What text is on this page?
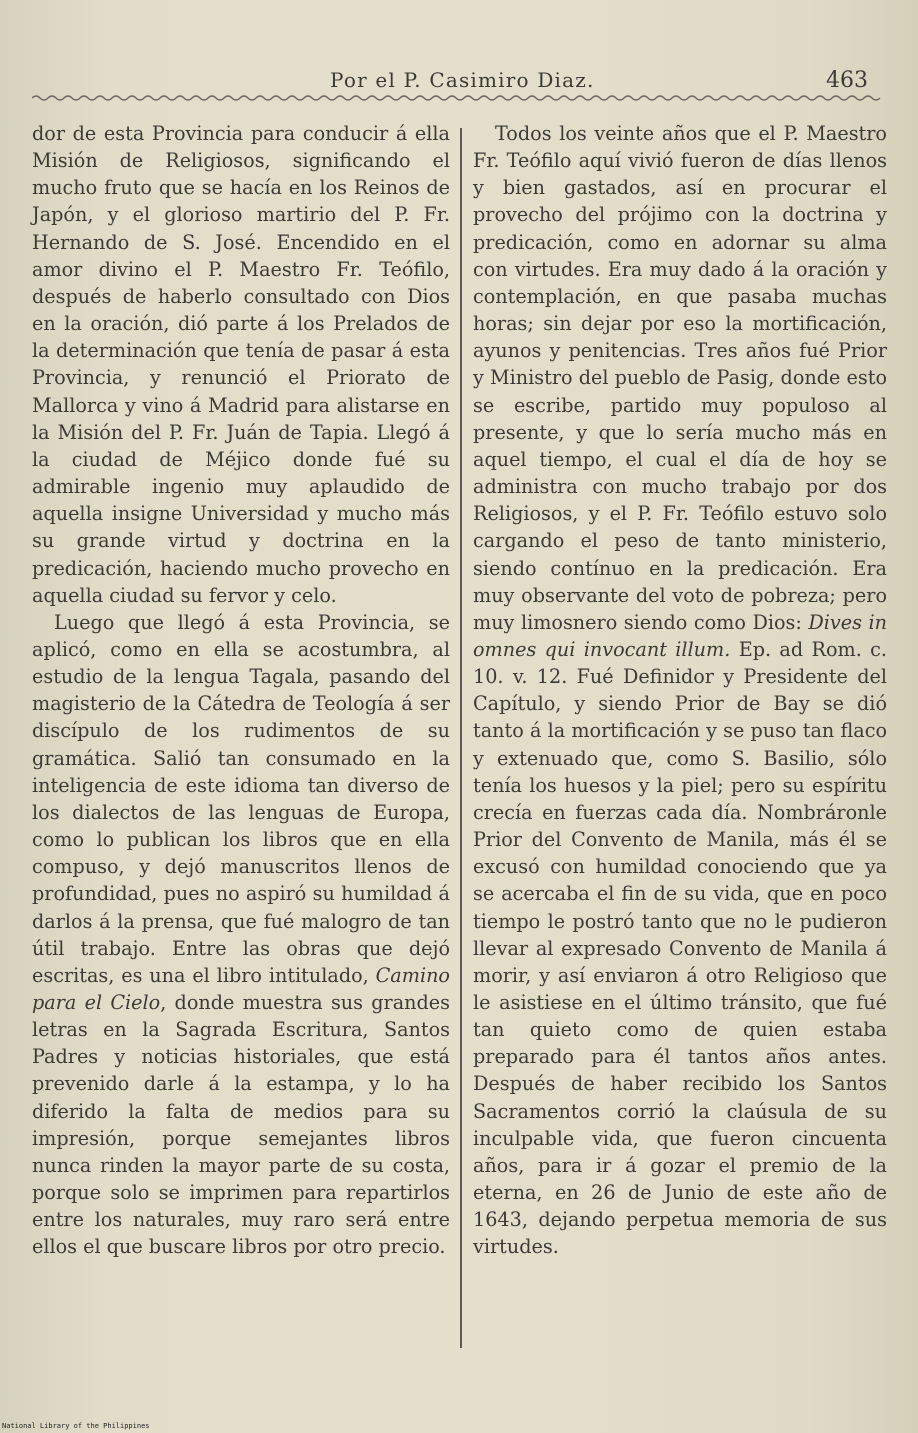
Por el P. Casimiro Diaz.	463

dor de esta Provincia para conducir á ella Misión de Religiosos, significando el mucho fruto que se hacía en los Reinos de Japón, y el glorioso martirio del P. Fr. Hernando de S. José. Encendido en el amor divino el P. Maestro Fr. Teófilo, después de haberlo consultado con Dios en la oración, dió parte á los Prelados de la determinación que tenía de pasar á esta Provincia, y renunció el Priorato de Mallorca y vino á Madrid para alistarse en la Misión del P. Fr. Juán de Tapia. Llegó á la ciudad de Méjico donde fué su admirable ingenio muy aplaudido de aquella insigne Universidad y mucho más su grande virtud y doctrina en la predicación, haciendo mucho provecho en aquella ciudad su fervor y celo.

Luego que llegó á esta Provincia, se aplicó, como en ella se acostumbra, al estudio de la lengua Tagala, pasando del magisterio de la Cátedra de Teología á ser discípulo de los rudimentos de su gramática. Salió tan consumado en la inteligencia de este idioma tan diverso de los dialectos de las lenguas de Europa, como lo publican los libros que en ella compuso, y dejó manuscritos llenos de profundidad, pues no aspiró su humildad á darlos á la prensa, que fué malogro de tan útil trabajo. Entre las obras que dejó escritas, es una el libro intitulado, Camino para el Cielo, donde muestra sus grandes letras en la Sagrada Escritura, Santos Padres y noticias historiales, que está prevenido darle á la estampa, y lo ha diferido la falta de medios para su impresión, porque semejantes libros nunca rinden la mayor parte de su costa, porque solo se imprimen para repartirlos entre los naturales, muy raro será entre ellos el que buscare libros por otro precio.

Todos los veinte años que el P. Maestro Fr. Teófilo aquí vivió fueron de días llenos y bien gastados, así en procurar el provecho del prójimo con la doctrina y predicación, como en adornar su alma con virtudes. Era muy dado á la oración y contemplación, en que pasaba muchas horas; sin dejar por eso la mortificación, ayunos y penitencias. Tres años fué Prior y Ministro del pueblo de Pasig, donde esto se escribe, partido muy populoso al presente, y que lo sería mucho más en aquel tiempo, el cual el día de hoy se administra con mucho trabajo por dos Religiosos, y el P. Fr. Teófilo estuvo solo cargando el peso de tanto ministerio, siendo contínuo en la predicación. Era muy observante del voto de pobreza; pero muy limosnero siendo como Dios: Dives in omnes qui invocant illum. Ep. ad Rom. c. 10. v. 12. Fué Definidor y Presidente del Capítulo, y siendo Prior de Bay se dió tanto á la mortificación y se puso tan flaco y extenuado que, como S. Basilio, sólo tenía los huesos y la piel; pero su espíritu crecía en fuerzas cada día. Nombráronle Prior del Convento de Manila, más él se excusó con humildad conociendo que ya se acercaba el fin de su vida, que en poco tiempo le postró tanto que no le pudieron llevar al expresado Convento de Manila á morir, y así enviaron á otro Religioso que le asistiese en el último tránsito, que fué tan quieto como de quien estaba preparado para él tantos años antes. Después de haber recibido los Santos Sacramentos corrió la claúsula de su inculpable vida, que fueron cincuenta años, para ir á gozar el premio de la eterna, en 26 de Junio de este año de 1643, dejando perpetua memoria de sus virtudes.

National Library of the Philippines
